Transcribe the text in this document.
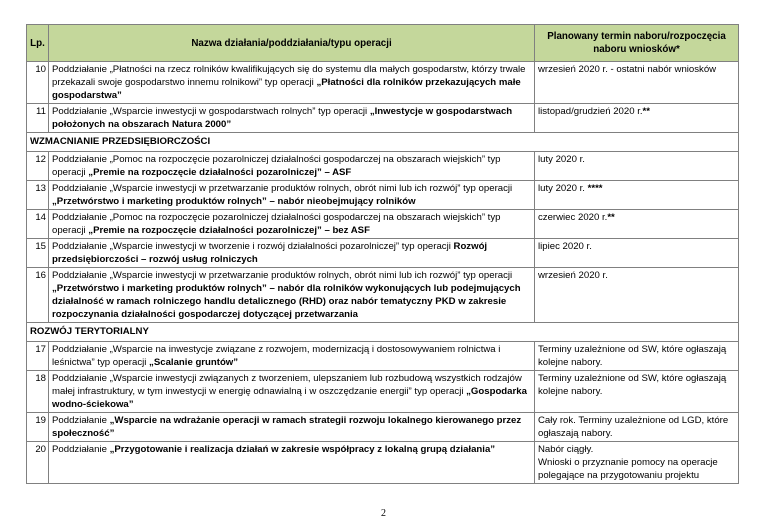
Lp.	Nazwa działania/poddziałania/typu operacji	Planowany termin naboru/rozpoczęcia naboru wniosków*
10	Poddziałanie „Płatności na rzecz rolników kwalifikujących się do systemu dla małych gospodarstw, którzy trwale przekazali swoje gospodarstwo innemu rolnikowi” typ operacji „Płatności dla rolników przekazujących małe gospodarstwa”	wrzesień 2020 r. - ostatni nabór wniosków
11	Poddziałanie „Wsparcie inwestycji w gospodarstwach rolnych” typ operacji „Inwestycje w gospodarstwach położonych na obszarach Natura 2000”	listopad/grudzień 2020 r.**
WZMACNIANIE PRZEDSIĘBIORCZOŚCI		
12	Poddziałanie „Pomoc na rozpoczęcie pozarolniczej działalności gospodarczej na obszarach wiejskich” typ operacji „Premie na rozpoczęcie działalności pozarolniczej” – ASF	luty 2020 r.
13	Poddziałanie „Wsparcie inwestycji w przetwarzanie produktów rolnych, obrót nimi lub ich rozwój” typ operacji „Przetwórstwo i marketing produktów rolnych” – nabór nieobejmujący rolników	luty 2020 r. ****
14	Poddziałanie „Pomoc na rozpoczęcie pozarolniczej działalności gospodarczej na obszarach wiejskich” typ operacji „Premie na rozpoczęcie działalności pozarolniczej” – bez ASF	czerwiec 2020 r.**
15	Poddziałanie „Wsparcie inwestycji w tworzenie i rozwój działalności pozarolniczej” typ operacji Rozwój przedsiębiorczości – rozwój usług rolniczych	lipiec 2020 r.
16	Poddziałanie „Wsparcie inwestycji w przetwarzanie produktów rolnych, obrót nimi lub ich rozwój” typ operacji „Przetwórstwo i marketing produktów rolnych” – nabór dla rolników wykonujących lub podejmujących działalność w ramach rolniczego handlu detalicznego (RHD) oraz nabór tematyczny PKD w zakresie rozpoczynania działalności gospodarczej dotyczącej przetwarzania	wrzesień 2020 r.
ROZWÓJ TERYTORIALNY		
17	Poddziałanie „Wsparcie na inwestycje związane z rozwojem, modernizacją i dostosowywaniem rolnictwa i leśnictwa” typ operacji „Scalanie gruntów”	Terminy uzależnione od SW, które ogłaszają kolejne nabory.
18	Poddziałanie „Wsparcie inwestycji związanych z tworzeniem, ulepszaniem lub rozbudową wszystkich rodzajów małej infrastruktury, w tym inwestycji w energię odnawialną i w oszczędzanie energii” typ operacji „Gospodarka wodno-ściekowa”	Terminy uzależnione od SW, które ogłaszają kolejne nabory.
19	Poddziałanie „Wsparcie na wdrażanie operacji w ramach strategii rozwoju lokalnego kierowanego przez społeczność”	Cały rok. Terminy uzależnione od LGD, które ogłaszają nabory.
20	Poddziałanie „Przygotowanie i realizacja działań w zakresie współpracy z lokalną grupą działania”	Nabór ciągły.
Wnioski o przyznanie pomocy na operacje polegające na przygotowaniu projektu
2
